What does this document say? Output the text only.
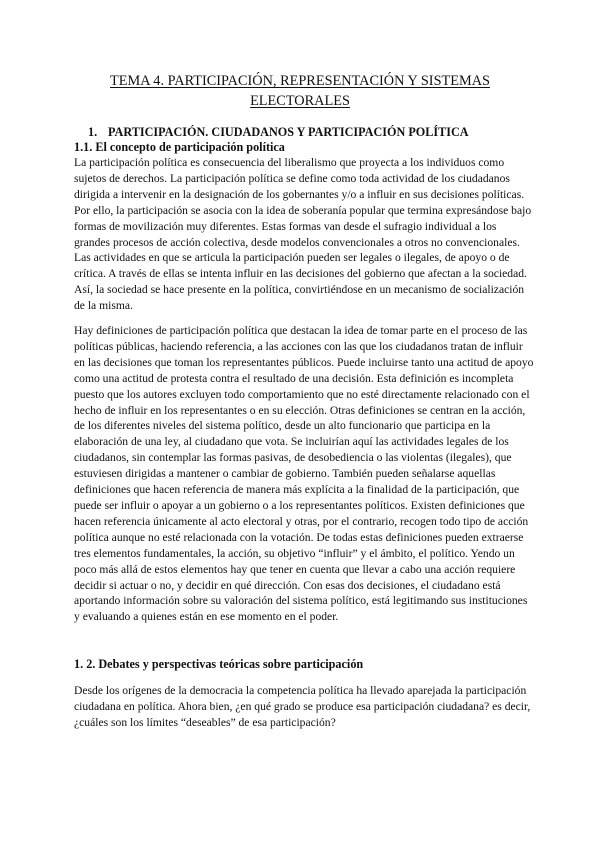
TEMA 4. PARTICIPACIÓN, REPRESENTACIÓN Y SISTEMAS ELECTORALES
1. PARTICIPACIÓN. CIUDADANOS Y PARTICIPACIÓN POLÍTICA
1.1. El concepto de participación política

La participación política es consecuencia del liberalismo que proyecta a los individuos como sujetos de derechos. La participación política se define como toda actividad de los ciudadanos dirigida a intervenir en la designación de los gobernantes y/o a influir en sus decisiones políticas. Por ello, la participación se asocia con la idea de soberanía popular que termina expresándose bajo formas de movilización muy diferentes. Estas formas van desde el sufragio individual a los grandes procesos de acción colectiva, desde modelos convencionales a otros no convencionales. Las actividades en que se articula la participación pueden ser legales o ilegales, de apoyo o de crítica. A través de ellas se intenta influir en las decisiones del gobierno que afectan a la sociedad. Así, la sociedad se hace presente en la política, convirtiéndose en un mecanismo de socialización de la misma.

Hay definiciones de participación política que destacan la idea de tomar parte en el proceso de las políticas públicas, haciendo referencia, a las acciones con las que los ciudadanos tratan de influir en las decisiones que toman los representantes públicos. Puede incluirse tanto una actitud de apoyo como una actitud de protesta contra el resultado de una decisión. Esta definición es incompleta puesto que los autores excluyen todo comportamiento que no esté directamente relacionado con el hecho de influir en los representantes o en su elección. Otras definiciones se centran en la acción, de los diferentes niveles del sistema político, desde un alto funcionario que participa en la elaboración de una ley, al ciudadano que vota. Se incluirían aquí las actividades legales de los ciudadanos, sin contemplar las formas pasivas, de desobediencia o las violentas (ilegales), que estuviesen dirigidas a mantener o cambiar de gobierno. También pueden señalarse aquellas definiciones que hacen referencia de manera más explícita a la finalidad de la participación, que puede ser influir o apoyar a un gobierno o a los representantes políticos. Existen definiciones que hacen referencia únicamente al acto electoral y otras, por el contrario, recogen todo tipo de acción política aunque no esté relacionada con la votación. De todas estas definiciones pueden extraerse tres elementos fundamentales, la acción, su objetivo “influir” y el ámbito, el político. Yendo un poco más allá de estos elementos hay que tener en cuenta que llevar a cabo una acción requiere decidir si actuar o no, y decidir en qué dirección. Con esas dos decisiones, el ciudadano está aportando información sobre su valoración del sistema político, está legitimando sus instituciones y evaluando a quienes están en ese momento en el poder.

1. 2. Debates y perspectivas teóricas sobre participación

Desde los orígenes de la democracia la competencia política ha llevado aparejada la participación ciudadana en política. Ahora bien, ¿en qué grado se produce esa participación ciudadana? es decir, ¿cuáles son los límites “deseables” de esa participación?
